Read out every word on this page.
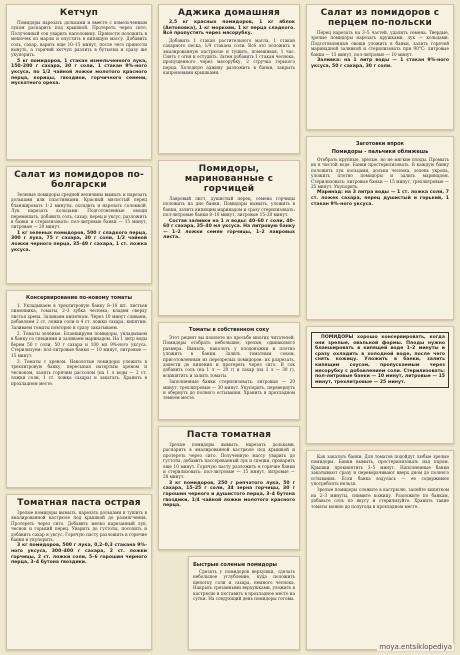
Кетчуп

Помидоры нарезать дольками и вместе с измельченным луком распарить под крышкой. Протереть через сито. Полученный сок уварить наполовину. Пряности положить в мешочек из марли и опустить в кипящую массу. Добавить соль, сахар, варить еще 10–15 минут, после чего пряности вынуть, а горячий кетчуп разлить в бутылки и сразу же укупорить.

5 кг помидоров, 1 стакан измельченного лука, 150–200 г сахара, 30 г соли, 1 стакан 9%-ного уксуса, по 1/2 чайной ложки молотого красного перца, корицы, гвоздики, горчичного семени, мускатного ореха.

Салат из помидоров по-болгарски

Зеленые помидоры средней величины вымыть и нарезать дольками или пластинками. Красный мясистый перец бланшировать 1–2 минуты, охладить и нарезать соломкой. Лук нарезать кольцами. Подготовленные овощи перемешать, добавить соль, сахар, перец и уксус, разложить в банки и стерилизовать: пол-литровые банки — 15 минут, литровые — 20 минут.

1 кг зеленых помидоров, 500 г сладкого перца, 300 г лука, 75 г сахара, 30 г соли, 1/2 чайной ложки черного перца, 35–49 г сахара, 1 ст. ложка уксуса.

Консервирование по-новому томаты

1. Укладываем в трехлитровую банку 8–10 шт. листьев лимонника, томаты, 2–3 зубка чеснока, кладем сверху листья хрена. Заливаем кипятком. Через 10 минут сливаем, добавляем 2 ст. ложки соли и 4 ст. ложки сахара, кипятим. Заливаем томаты повторно и сразу закатываем.

2. Томаты зеленые. Бланшируем помидоры, укладываем в банку со специями и заливаем маринадом. На 1 литр воды берем 50 г соли, 50 г сахара и 100 мл 9%-ного уксуса. Стерилизуем: пол-литровые банки — 10 минут, литровые — 15 минут.

3. Томаты с хреном. Наколотые помидоры уложить в трехлитровую банку, пересыпая натертым хреном и чесноком, залить горячим рассолом (на 1 л воды — 2 ст. ложки соли, 1 ст. ложка сахара) и закатать. Хранить в прохладном месте.

Томатная паста острая

Зрелые помидоры вымыть, нарезать дольками и тушить в эмалированной кастрюле под крышкой до размягчения. Протереть через сито. Добавить мелко нарезанный лук, чеснок и горький перец. Уварить до густоты, посолить и добавить сахар и уксус. Горячую пасту разложить в горячие банки и укупорить.

3 кг помидоров, 500 г лука, 0,2–0,3 стакана 9%-ного уксуса, 300–400 г сахара, 2 ст. ложки горчицы, 2 ст. ложки соли, 5–6 горошин черного перца, 3–4 бутона гвоздики.

Аджика домашняя

2,5 кг красных помидоров, 1 кг яблок (Антоновка), 1 кг моркови, 1 кг перца сладкого. Всё пропустить через мясорубку.

Добавить 1 стакан растительного масла, 1 стакан сахарного песка, 1/4 стакана соли. Всё это положить в эмалированную кастрюлю и тушить, помешивая, 1 час. Снять с огня и остудить. Затем добавить 1 стакан чеснока, пропущенного через мясорубку, 2 стручка горького перца. Холодную аджику разложить в банки, закрыть капроновыми крышками.

Помидоры, маринованные с горчицей

Лавровый лист, душистый перец, семена горчицы положить на дно банки. Помидоры вымыть, уложить в банки, залить кипящим маринадом и сразу стерилизовать: пол-литровые банки 8–10 минут, литровые 15–20 минут.

Состав заливки на 1 л воды: 40–60 г соли, 40–60 г сахара, 35–40 мл уксуса. На литровую банку — 1–2 ложки семян горчицы, 1–2 лавровых листа.

Томаты в собственном соку

Этот рецепт вы пошлете по просьбе многих читателей. Помидоры отобрать небольшие, зрелые, одинакового размера. Вымыть, наколоть у плодоножки и плотно уложить в банки. Залить томатным соком, приготовленным из перезрелых помидоров: их разрезать, довести до кипения и протереть через сито. В сок добавить соль (на 1 л — 20 г) и сахар (на 1 л — 30 г), вскипятить и залить томаты.

Заполненные банки стерилизовать: литровые — 20 минут, трехлитровые — 30 минут. Укупорить, перевернуть и обернуть до полного остывания. Хранить в прохладном темном месте.

Паста томатная

Зрелые помидоры вымыть, нарезать дольками, распарить в эмалированной кастрюле под крышкой и протереть через сито. Полученную массу уварить до густоты, добавить пассерованный лук и специи, проварить еще 10 минут. Горячую пасту разложить в горячие банки и стерилизовать: пол-литровые — 15 минут, литровые — 20 минут.

3 кг помидоров, 250 г репчатого лука, 50 г сахара, 15–25 г соли, 34 зерна горчицы, 30 г горошин черного и душистого перца, 3–4 бутона гвоздики, 1/4 чайной ложки молотого красного перца.

Быстрые соленые помидоры

Срезать у помидоров верхушки, сделать небольшое углубление, куда положить щепотку соли и сахара, немного чеснока. Накрыть срезанными верхушками, уложить в кастрюлю и поставить в прохладное место на сутки. На следующий день помидоры готовы.

Салат из помидоров с перцем по-польски

Перец нарезать на 3–5 частей, удалить семена. Твердые, зрелые помидоры нарезать кружками, лук — кольцами. Подготовленные овощи уложить в банки, залить горячей маринадной заливкой и стерилизовать при 90°С: литровые банки — 15 минут, пол-литровые — 10 минут.

Заливка: на 1 литр воды — 1 стакан 9%-ного уксуса, 50 г сахара, 30 г соли.

Заготовки впрок
Помидоры - пальчики оближешь

Отобрать крупные, зрелые, но не мягкие плоды. Промыть их в чистой воде. Банки простерилизовать. В каждую банку положить лук кольцами, дольки чеснока, зелень укропа, уложить плотно помидоры и залить маринадом. Стерилизовать: литровые банки — 15 минут, трехлитровые — 25 минут. Укупорить.

Маринад: на 3 литра воды — 1 ст. ложка соли, 7 ст. ложек сахара, перец душистый и горький, 1 стакан 9%-ного уксуса.

ПОМИДОРЫ хорошо консервировать, когда они зрелые, овальной формы. Плоды нужно бланшировать в кипящей воде 1–2 минуты и сразу охладить в холодной воде, после чего снять кожицу. Уложить в банки, залить кипящим соусом, пропускаемым через мясорубку с добавлением соли. Стерилизовать: пол-литровые банки — 10 минут, литровые — 15 минут, трехлитровые — 25 минут.

Как закатать банки. Для томатов подойдут любые зрелые помидоры. Банки вымыть, простерилизовать над паром. Крышки прокипятить 3–5 минут. Наполненные банки закатывают сразу и переворачивают вверх дном до полного остывания. Если банка вздулась — ее содержимое употреблять нельзя.

Зрелые помидоры сложите в кастрюлю, залейте кипятком на 2–3 минуты, снимите кожицу. Разложите по банкам, добавьте соль по вкусу и стерилизуйте. Хранить такие томаты можно до полугода в прохладном месте.

moya.entsiklopediya
